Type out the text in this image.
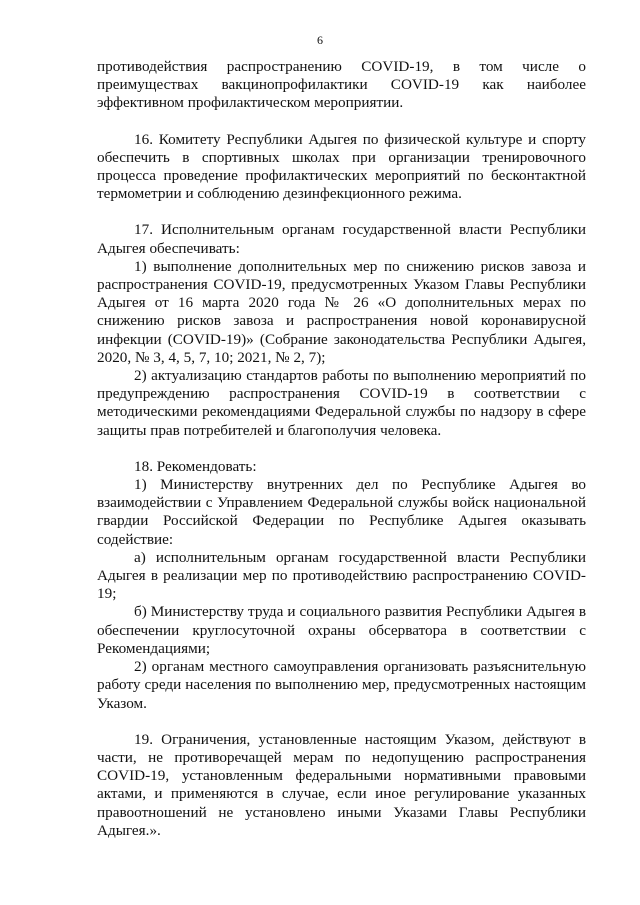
6

противодействия распространению COVID-19, в том числе о преимуществах вакцинопрофилактики COVID-19 как наиболее эффективном профилактическом мероприятии.

16. Комитету Республики Адыгея по физической культуре и спорту обеспечить в спортивных школах при организации тренировочного процесса проведение профилактических мероприятий по бесконтактной термометрии и соблюдению дезинфекционного режима.

17. Исполнительным органам государственной власти Республики Адыгея обеспечивать:

1) выполнение дополнительных мер по снижению рисков завоза и распространения COVID-19, предусмотренных Указом Главы Республики Адыгея от 16 марта 2020 года № 26 «О дополнительных мерах по снижению рисков завоза и распространения новой коронавирусной инфекции (COVID-19)» (Собрание законодательства Республики Адыгея, 2020, № 3, 4, 5, 7, 10; 2021, № 2, 7);

2) актуализацию стандартов работы по выполнению мероприятий по предупреждению распространения COVID-19 в соответствии с методическими рекомендациями Федеральной службы по надзору в сфере защиты прав потребителей и благополучия человека.

18. Рекомендовать:

1) Министерству внутренних дел по Республике Адыгея во взаимодействии с Управлением Федеральной службы войск национальной гвардии Российской Федерации по Республике Адыгея оказывать содействие:

а) исполнительным органам государственной власти Республики Адыгея в реализации мер по противодействию распространению COVID-19;

б) Министерству труда и социального развития Республики Адыгея в обеспечении круглосуточной охраны обсерватора в соответствии с Рекомендациями;

2) органам местного самоуправления организовать разъяснительную работу среди населения по выполнению мер, предусмотренных настоящим Указом.

19. Ограничения, установленные настоящим Указом, действуют в части, не противоречащей мерам по недопущению распространения COVID-19, установленным федеральными нормативными правовыми актами, и применяются в случае, если иное регулирование указанных правоотношений не установлено иными Указами Главы Республики Адыгея.».
